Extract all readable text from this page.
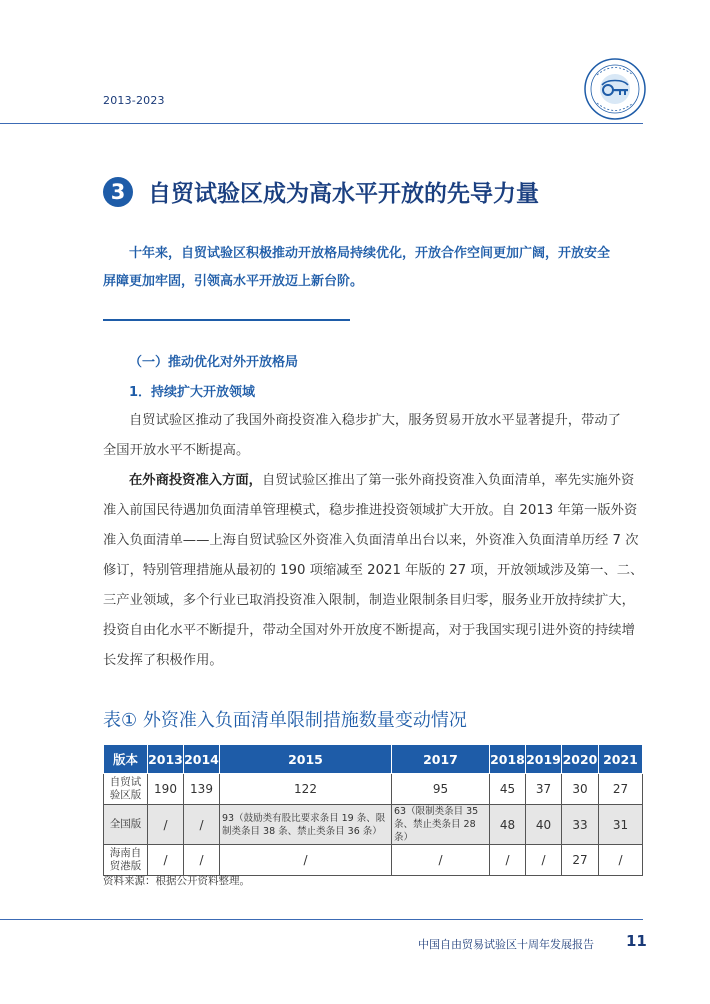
2013-2023
3 自贸试验区成为高水平开放的先导力量
十年来，自贸试验区积极推动开放格局持续优化，开放合作空间更加广阔，开放安全
屏障更加牢固，引领高水平开放迈上新台阶。
（一）推动优化对外开放格局
1．持续扩大开放领域
自贸试验区推动了我国外商投资准入稳步扩大，服务贸易开放水平显著提升，带动了
全国开放水平不断提高。
在外商投资准入方面，自贸试验区推出了第一张外商投资准入负面清单，率先实施外资
准入前国民待遇加负面清单管理模式，稳步推进投资领域扩大开放。自 2013 年第一版外资
准入负面清单——上海自贸试验区外资准入负面清单出台以来，外资准入负面清单历经 7 次
修订，特别管理措施从最初的 190 项缩减至 2021 年版的 27 项，开放领域涉及第一、二、
三产业领域，多个行业已取消投资准入限制，制造业限制条目归零，服务业开放持续扩大，
投资自由化水平不断提升，带动全国对外开放度不断提高，对于我国实现引进外资的持续增
长发挥了积极作用。
表① 外资准入负面清单限制措施数量变动情况
版本	2013	2014	2015	2017	2018	2019	2020	2021
自贸试验区版	190	139	122	95	45	37	30	27
全国版	/	/	93（鼓励类有股比要求条目 19 条、限制类条目 38 条、禁止类条目 36 条）	63（限制类条目 35 条、禁止类条目 28 条）	48	40	33	31
海南自贸港版	/	/	/	/	/	/	27	/
资料来源：根据公开资料整理。
中国自由贸易试验区十周年发展报告 11
